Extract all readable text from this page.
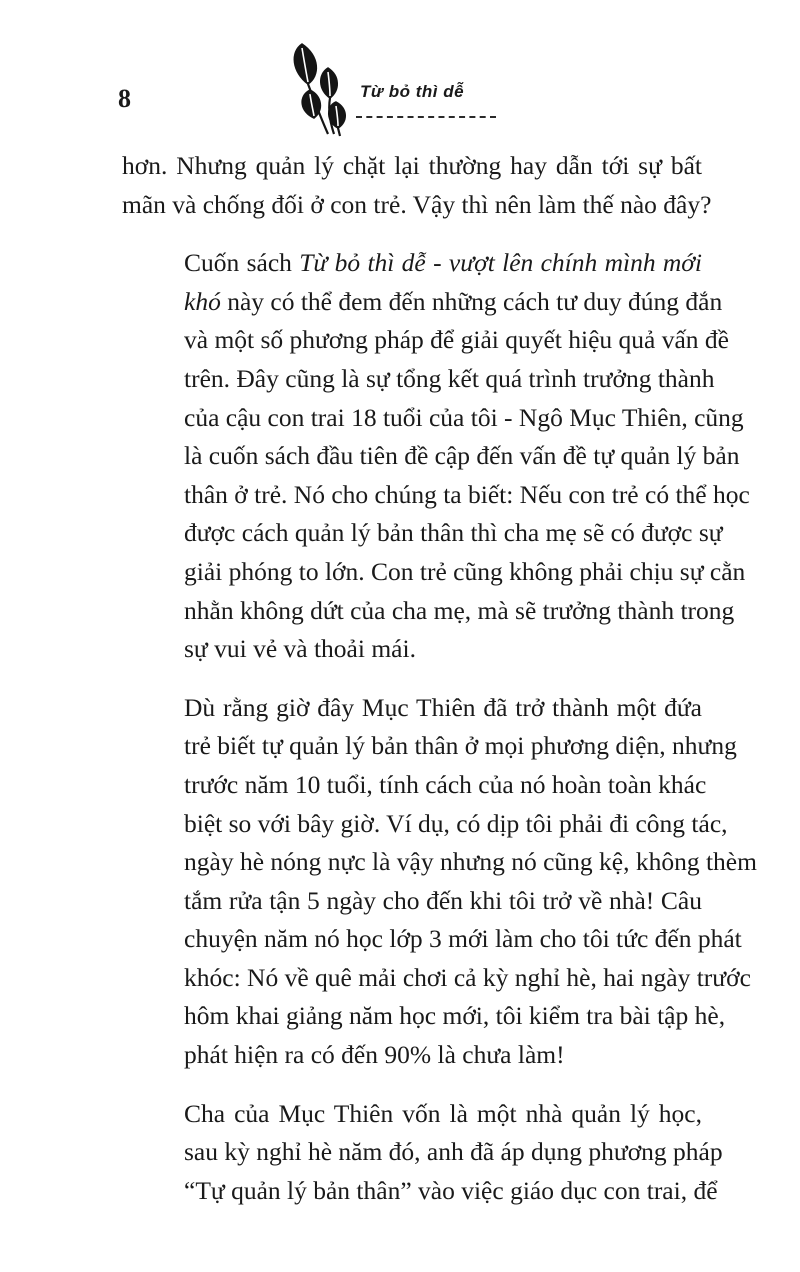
8	Từ bỏ thì dễ

hơn. Nhưng quản lý chặt lại thường hay dẫn tới sự bất
mãn và chống đối ở con trẻ. Vậy thì nên làm thế nào đây?

Cuốn sách Từ bỏ thì dễ - vượt lên chính mình mới
khó này có thể đem đến những cách tư duy đúng đắn
và một số phương pháp để giải quyết hiệu quả vấn đề
trên. Đây cũng là sự tổng kết quá trình trưởng thành
của cậu con trai 18 tuổi của tôi - Ngô Mục Thiên, cũng
là cuốn sách đầu tiên đề cập đến vấn đề tự quản lý bản
thân ở trẻ. Nó cho chúng ta biết: Nếu con trẻ có thể học
được cách quản lý bản thân thì cha mẹ sẽ có được sự
giải phóng to lớn. Con trẻ cũng không phải chịu sự cằn
nhằn không dứt của cha mẹ, mà sẽ trưởng thành trong
sự vui vẻ và thoải mái.

Dù rằng giờ đây Mục Thiên đã trở thành một đứa
trẻ biết tự quản lý bản thân ở mọi phương diện, nhưng
trước năm 10 tuổi, tính cách của nó hoàn toàn khác
biệt so với bây giờ. Ví dụ, có dịp tôi phải đi công tác,
ngày hè nóng nực là vậy nhưng nó cũng kệ, không thèm
tắm rửa tận 5 ngày cho đến khi tôi trở về nhà! Câu
chuyện năm nó học lớp 3 mới làm cho tôi tức đến phát
khóc: Nó về quê mải chơi cả kỳ nghỉ hè, hai ngày trước
hôm khai giảng năm học mới, tôi kiểm tra bài tập hè,
phát hiện ra có đến 90% là chưa làm!

Cha của Mục Thiên vốn là một nhà quản lý học,
sau kỳ nghỉ hè năm đó, anh đã áp dụng phương pháp
“Tự quản lý bản thân” vào việc giáo dục con trai, để
